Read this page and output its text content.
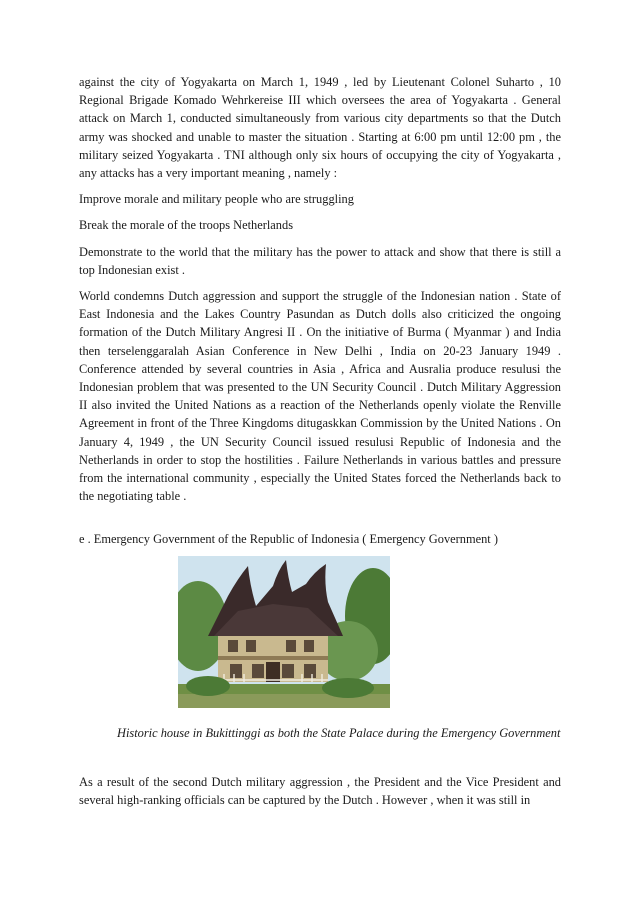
against the city of Yogyakarta on March 1, 1949 , led by Lieutenant Colonel Suharto , 10 Regional Brigade Komado Wehrkereise III which oversees the area of Yogyakarta . General attack on March 1, conducted simultaneously from various city departments so that the Dutch army was shocked and unable to master the situation . Starting at 6:00 pm until 12:00 pm , the military seized Yogyakarta . TNI although only six hours of occupying the city of Yogyakarta , any attacks has a very important meaning , namely :

Improve morale and military people who are struggling

Break the morale of the troops Netherlands

Demonstrate to the world that the military has the power to attack and show that there is still a top Indonesian exist .

World condemns Dutch aggression and support the struggle of the Indonesian nation . State of East Indonesia and the Lakes Country Pasundan as Dutch dolls also criticized the ongoing formation of the Dutch Military Angresi II . On the initiative of Burma ( Myanmar ) and India then terselenggaralah Asian Conference in New Delhi , India on 20-23 January 1949 . Conference attended by several countries in Asia , Africa and Ausralia produce resulusi the Indonesian problem that was presented to the UN Security Council . Dutch Military Aggression II also invited the United Nations as a reaction of the Netherlands openly violate the Renville Agreement in front of the Three Kingdoms ditugaskkan Commission by the United Nations . On January 4, 1949 , the UN Security Council issued resulusi Republic of Indonesia and the Netherlands in order to stop the hostilities . Failure Netherlands in various battles and pressure from the international community , especially the United States forced the Netherlands back to the negotiating table .

e . Emergency Government of the Republic of Indonesia ( Emergency Government )
Historic house in Bukittinggi as both the State Palace during the Emergency Government
As a result of the second Dutch military aggression , the President and the Vice President and several high-ranking officials can be captured by the Dutch . However , when it was still in
